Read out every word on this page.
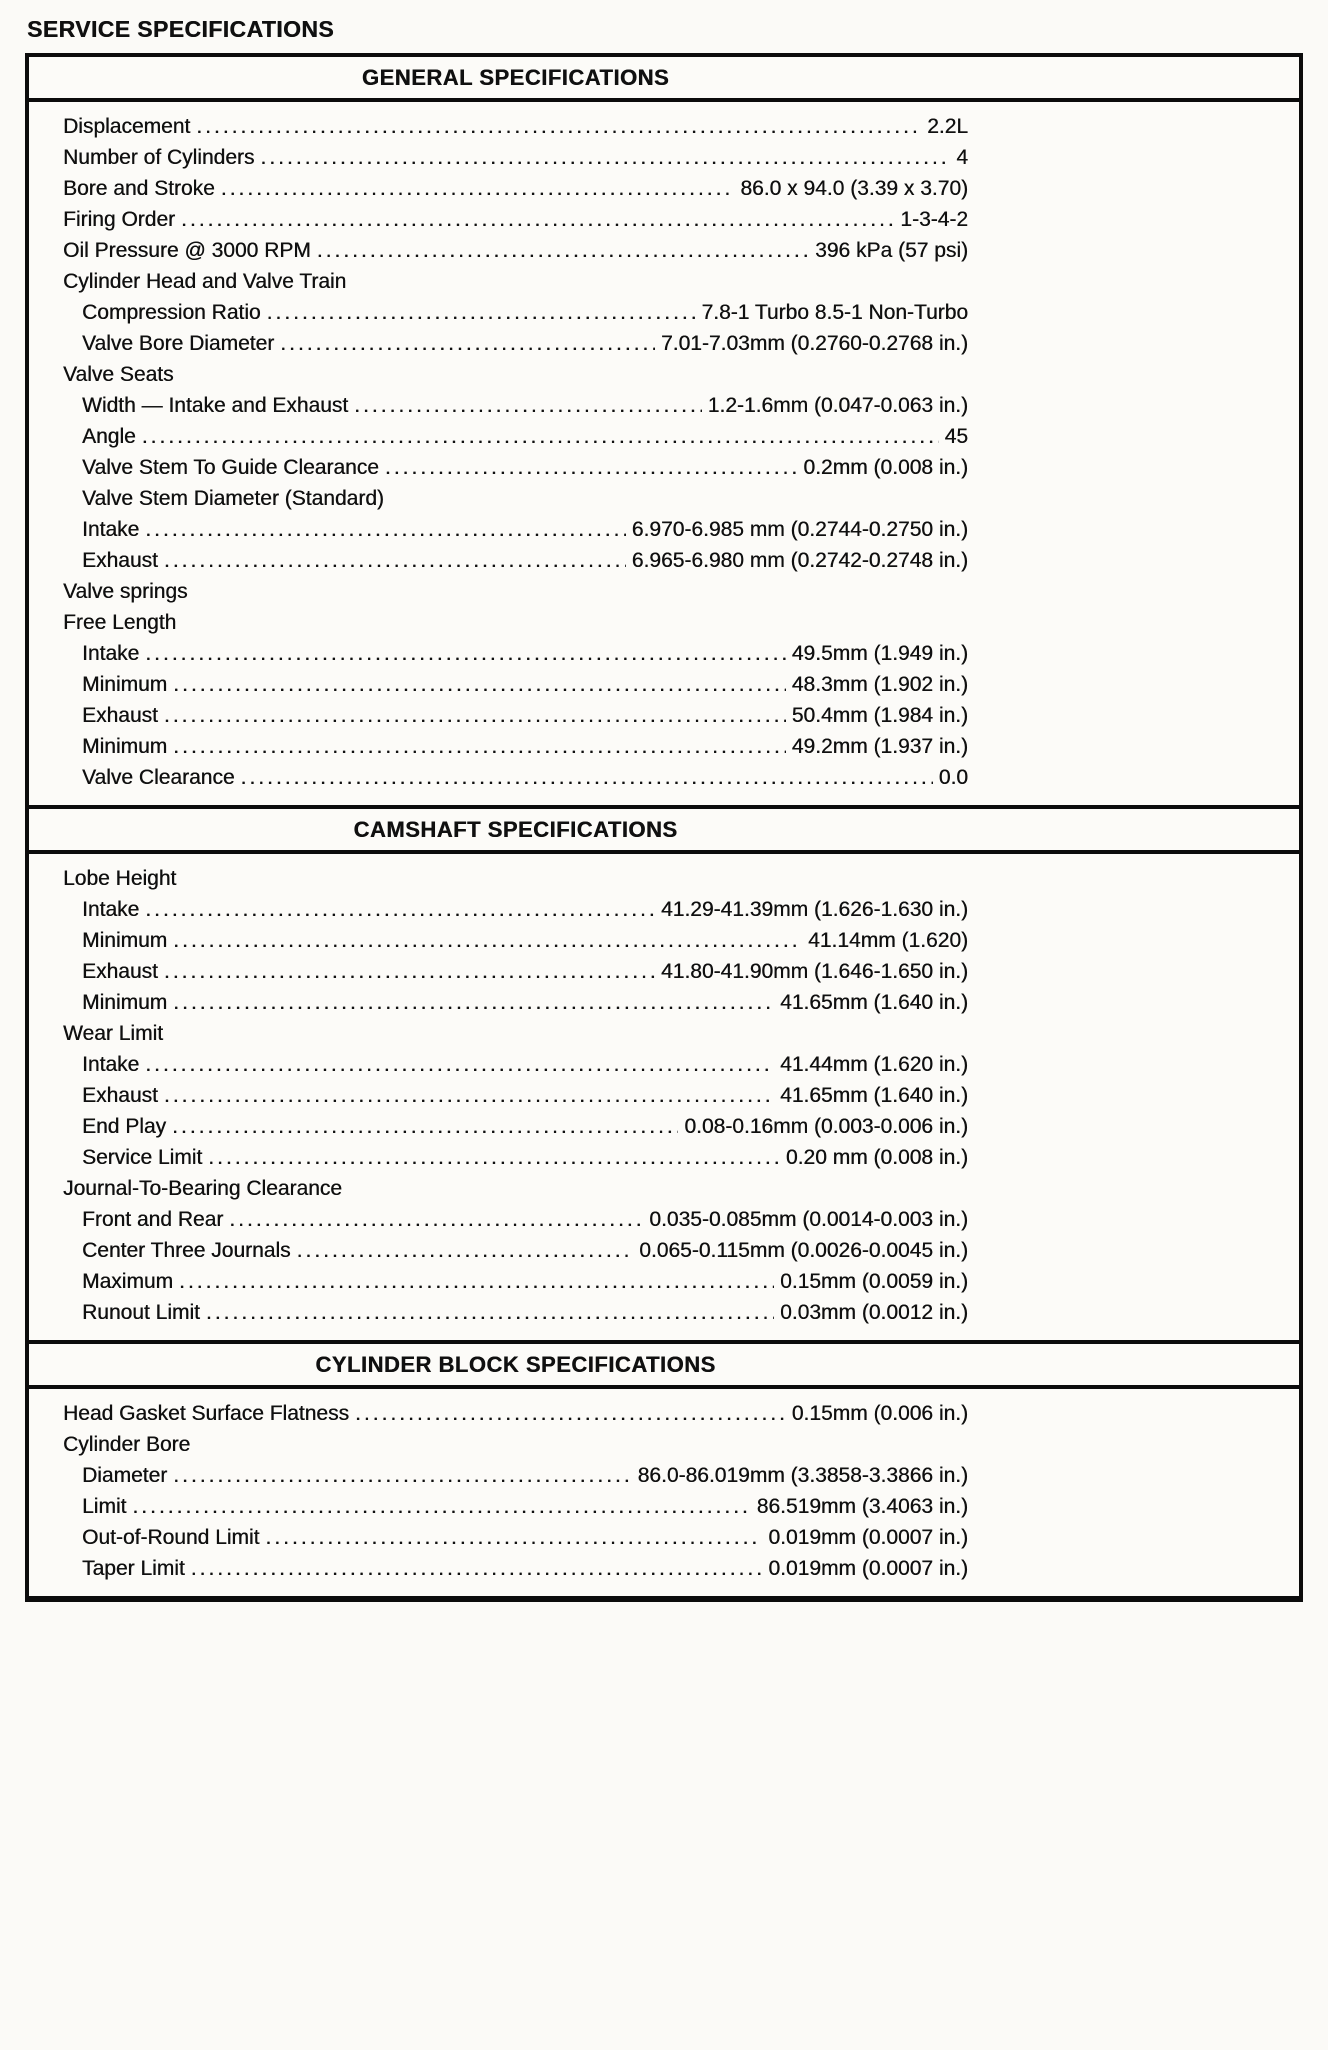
SERVICE SPECIFICATIONS
GENERAL SPECIFICATIONS
Displacement .....	2.2L
Number of Cylinders .....	4
Bore and Stroke .....	86.0 x 94.0 (3.39 x 3.70)
Firing Order .....	1-3-4-2
Oil Pressure @ 3000 RPM .....	396 kPa (57 psi)
Cylinder Head and Valve Train
Compression Ratio .....	7.8-1 Turbo 8.5-1 Non-Turbo
Valve Bore Diameter .....	7.01-7.03mm (0.2760-0.2768 in.)
Valve Seats
Width — Intake and Exhaust .....	1.2-1.6mm (0.047-0.063 in.)
Angle .....	45
Valve Stem To Guide Clearance .....	0.2mm (0.008 in.)
Valve Stem Diameter (Standard)
Intake .....	6.970-6.985 mm (0.2744-0.2750 in.)
Exhaust .....	6.965-6.980 mm (0.2742-0.2748 in.)
Valve springs
Free Length
Intake .....	49.5mm (1.949 in.)
Minimum .....	48.3mm (1.902 in.)
Exhaust .....	50.4mm (1.984 in.)
Minimum .....	49.2mm (1.937 in.)
Valve Clearance .....	0.0
CAMSHAFT SPECIFICATIONS
Lobe Height
Intake .....	41.29-41.39mm (1.626-1.630 in.)
Minimum .....	41.14mm (1.620)
Exhaust .....	41.80-41.90mm (1.646-1.650 in.)
Minimum .....	41.65mm (1.640 in.)
Wear Limit
Intake .....	41.44mm (1.620 in.)
Exhaust .....	41.65mm (1.640 in.)
End Play .....	0.08-0.16mm (0.003-0.006 in.)
Service Limit .....	0.20 mm (0.008 in.)
Journal-To-Bearing Clearance
Front and Rear .....	0.035-0.085mm (0.0014-0.003 in.)
Center Three Journals .....	0.065-0.115mm (0.0026-0.0045 in.)
Maximum .....	0.15mm (0.0059 in.)
Runout Limit .....	0.03mm (0.0012 in.)
CYLINDER BLOCK SPECIFICATIONS
Head Gasket Surface Flatness .....	0.15mm (0.006 in.)
Cylinder Bore
Diameter .....	86.0-86.019mm (3.3858-3.3866 in.)
Limit .....	86.519mm (3.4063 in.)
Out-of-Round Limit .....	0.019mm (0.0007 in.)
Taper Limit .....	0.019mm (0.0007 in.)
